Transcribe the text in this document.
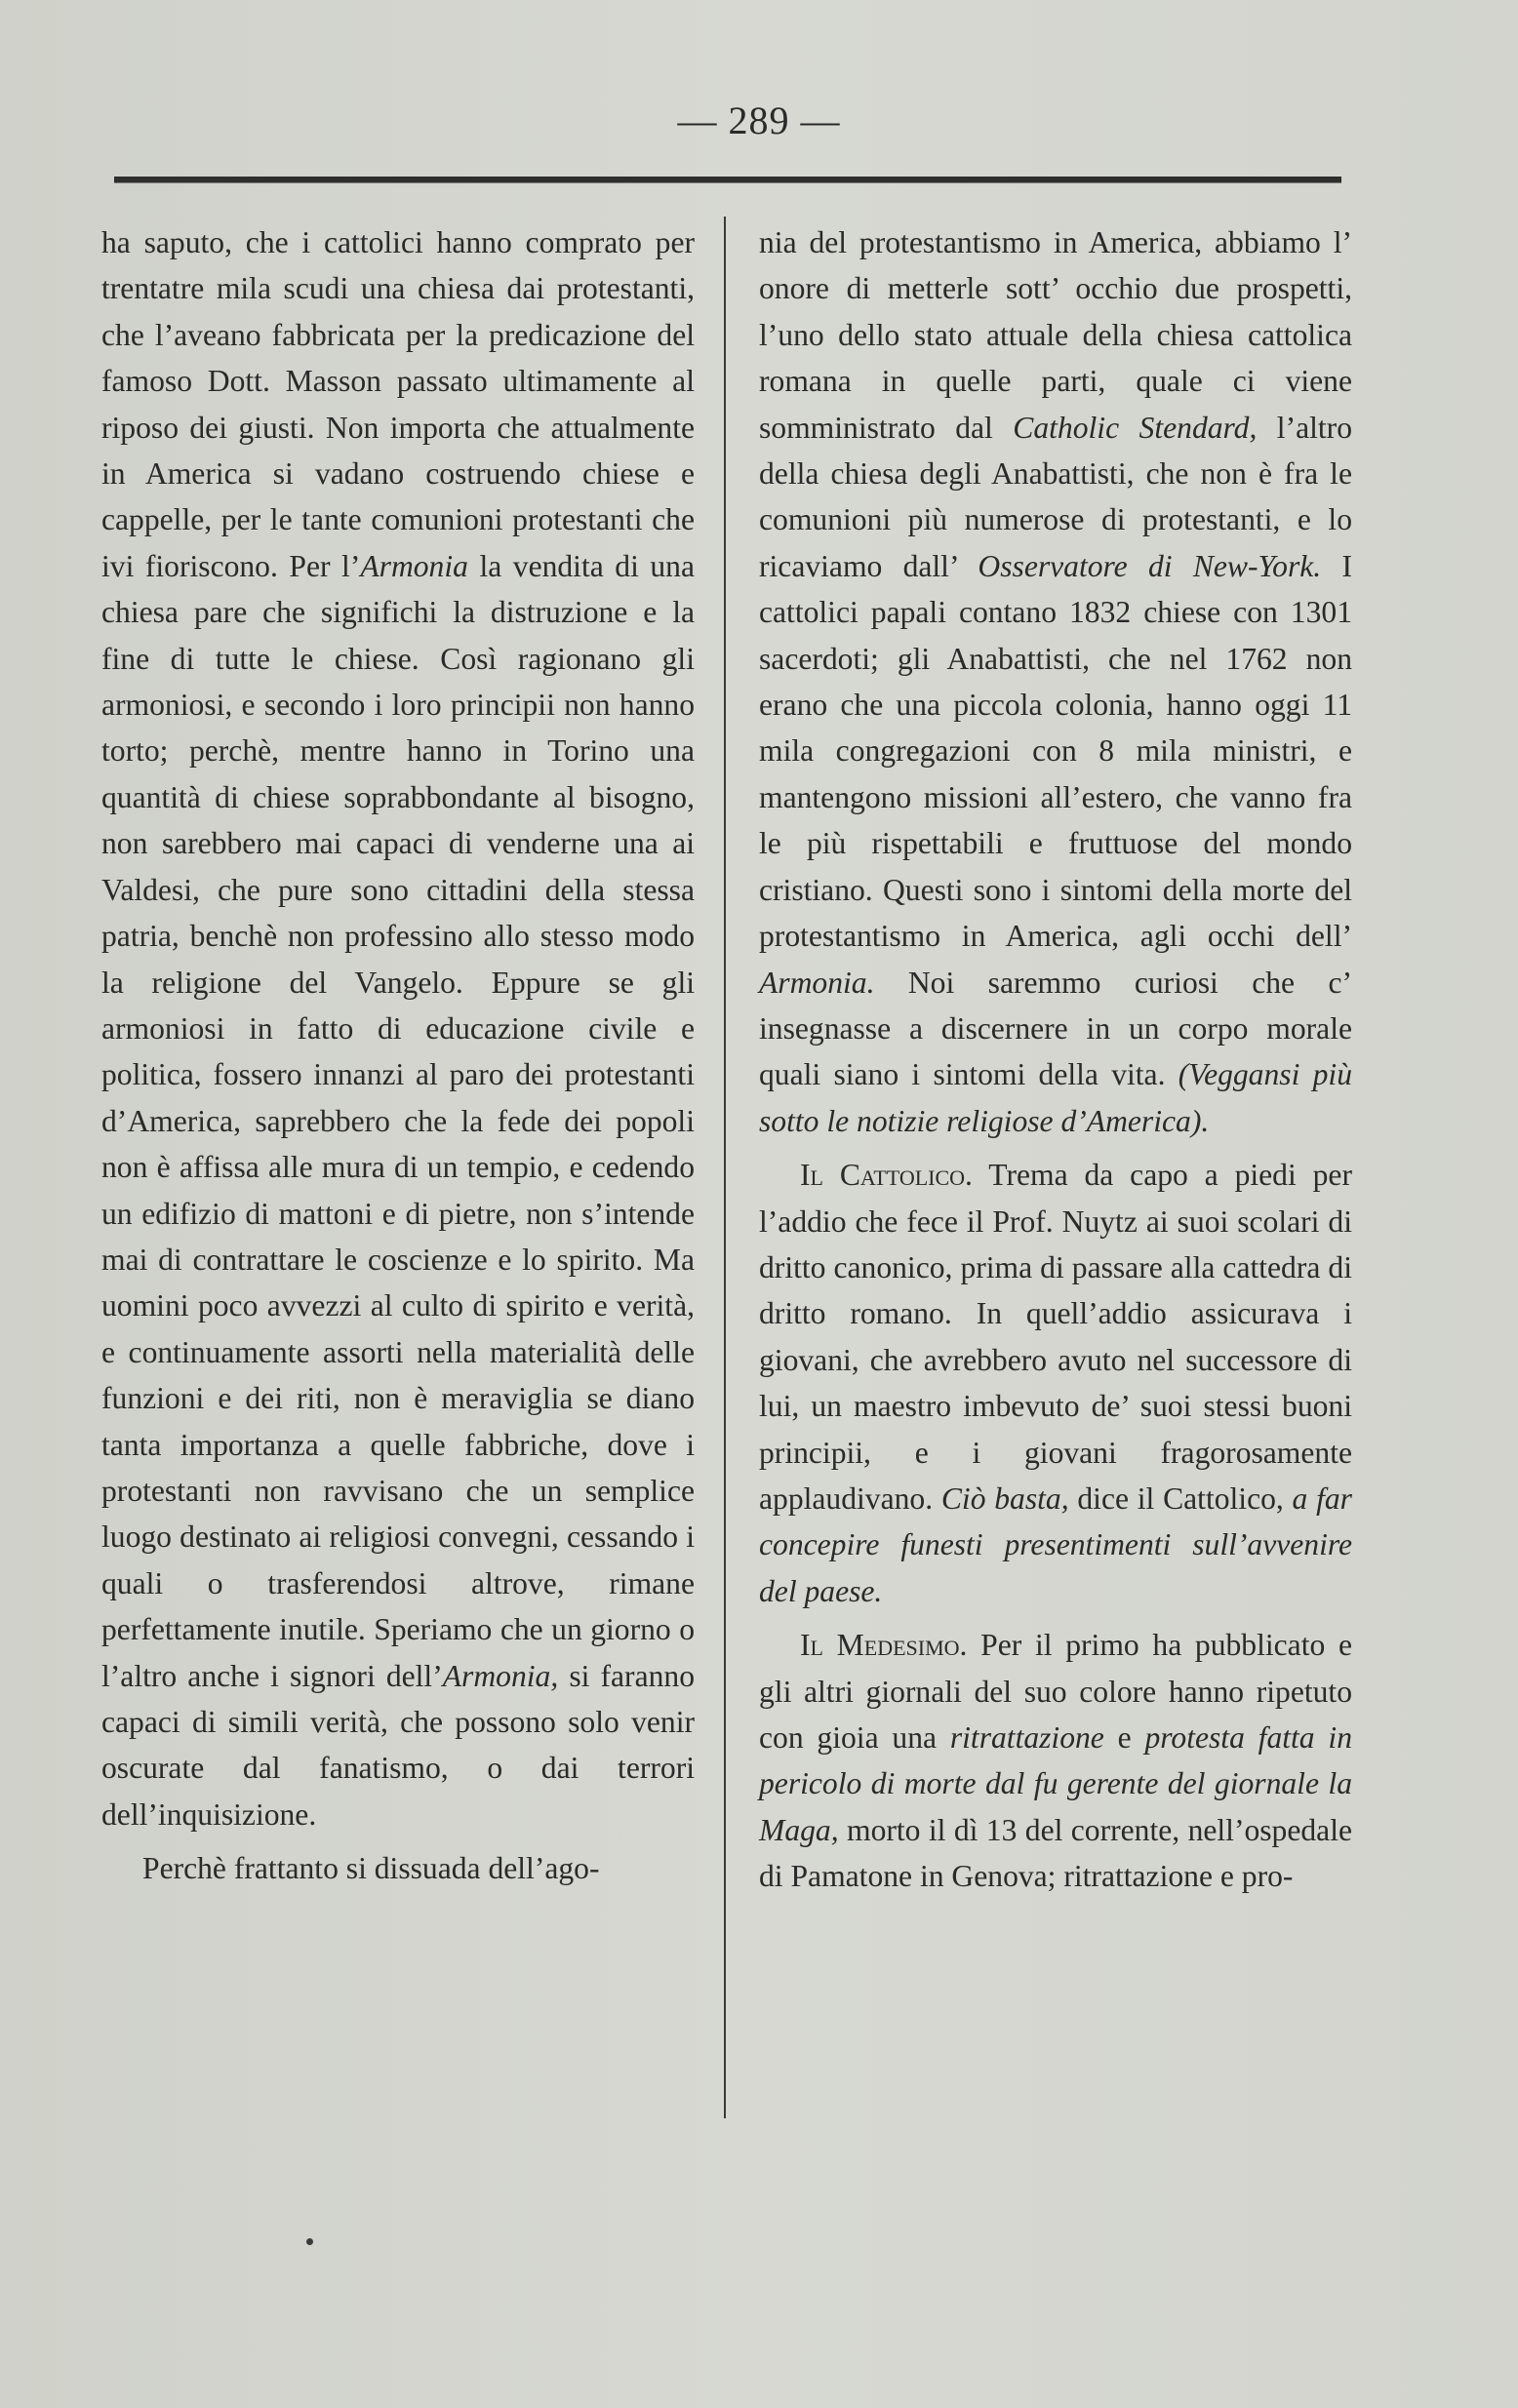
— 289 —

ha saputo, che i cattolici hanno comprato per trentatre mila scudi una chiesa dai protestanti, che l’aveano fabbricata per la predicazione del famoso Dott. Masson passato ultimamente al riposo dei giusti. Non importa che attualmente in America si vadano costruendo chiese e cappelle, per le tante comunioni protestanti che ivi fioriscono. Per l’Armonia la vendita di una chiesa pare che significhi la distruzione e la fine di tutte le chiese. Così ragionano gli armoniosi, e secondo i loro principii non hanno torto; perchè, mentre hanno in Torino una quantità di chiese soprabbondante al bisogno, non sarebbero mai capaci di venderne una ai Valdesi, che pure sono cittadini della stessa patria, benchè non professino allo stesso modo la religione del Vangelo. Eppure se gli armoniosi in fatto di educazione civile e politica, fossero innanzi al paro dei protestanti d’America, saprebbero che la fede dei popoli non è affissa alle mura di un tempio, e cedendo un edifizio di mattoni e di pietre, non s’intende mai di contrattare le coscienze e lo spirito. Ma uomini poco avvezzi al culto di spirito e verità, e continuamente assorti nella materialità delle funzioni e dei riti, non è meraviglia se diano tanta importanza a quelle fabbriche, dove i protestanti non ravvisano che un semplice luogo destinato ai religiosi convegni, cessando i quali o trasferendosi altrove, rimane perfettamente inutile. Speriamo che un giorno o l’altro anche i signori dell’Armonia, si faranno capaci di simili verità, che possono solo venir oscurate dal fanatismo, o dai terrori dell’inquisizione.

Perchè frattanto si dissuada dell’ago-

nia del protestantismo in America, abbiamo l’ onore di metterle sott’ occhio due prospetti, l’uno dello stato attuale della chiesa cattolica romana in quelle parti, quale ci viene somministrato dal Catholic Stendard, l’altro della chiesa degli Anabattisti, che non è fra le comunioni più numerose di protestanti, e lo ricaviamo dall’ Osservatore di New-York. I cattolici papali contano 1832 chiese con 1301 sacerdoti; gli Anabattisti, che nel 1762 non erano che una piccola colonia, hanno oggi 11 mila congregazioni con 8 mila ministri, e mantengono missioni all’estero, che vanno fra le più rispettabili e fruttuose del mondo cristiano. Questi sono i sintomi della morte del protestantismo in America, agli occhi dell’ Armonia. Noi saremmo curiosi che c’ insegnasse a discernere in un corpo morale quali siano i sintomi della vita. (Veggansi più sotto le notizie religiose d’America).

Il Cattolico. Trema da capo a piedi per l’addio che fece il Prof. Nuytz ai suoi scolari di dritto canonico, prima di passare alla cattedra di dritto romano. In quell’addio assicurava i giovani, che avrebbero avuto nel successore di lui, un maestro imbevuto de’ suoi stessi buoni principii, e i giovani fragorosamente applaudivano. Ciò basta, dice il Cattolico, a far concepire funesti presentimenti sull’avvenire del paese.

Il Medesimo. Per il primo ha pubblicato e gli altri giornali del suo colore hanno ripetuto con gioia una ritrattazione e protesta fatta in pericolo di morte dal fu gerente del giornale la Maga, morto il dì 13 del corrente, nell’ospedale di Pamatone in Genova; ritrattazione e pro-
